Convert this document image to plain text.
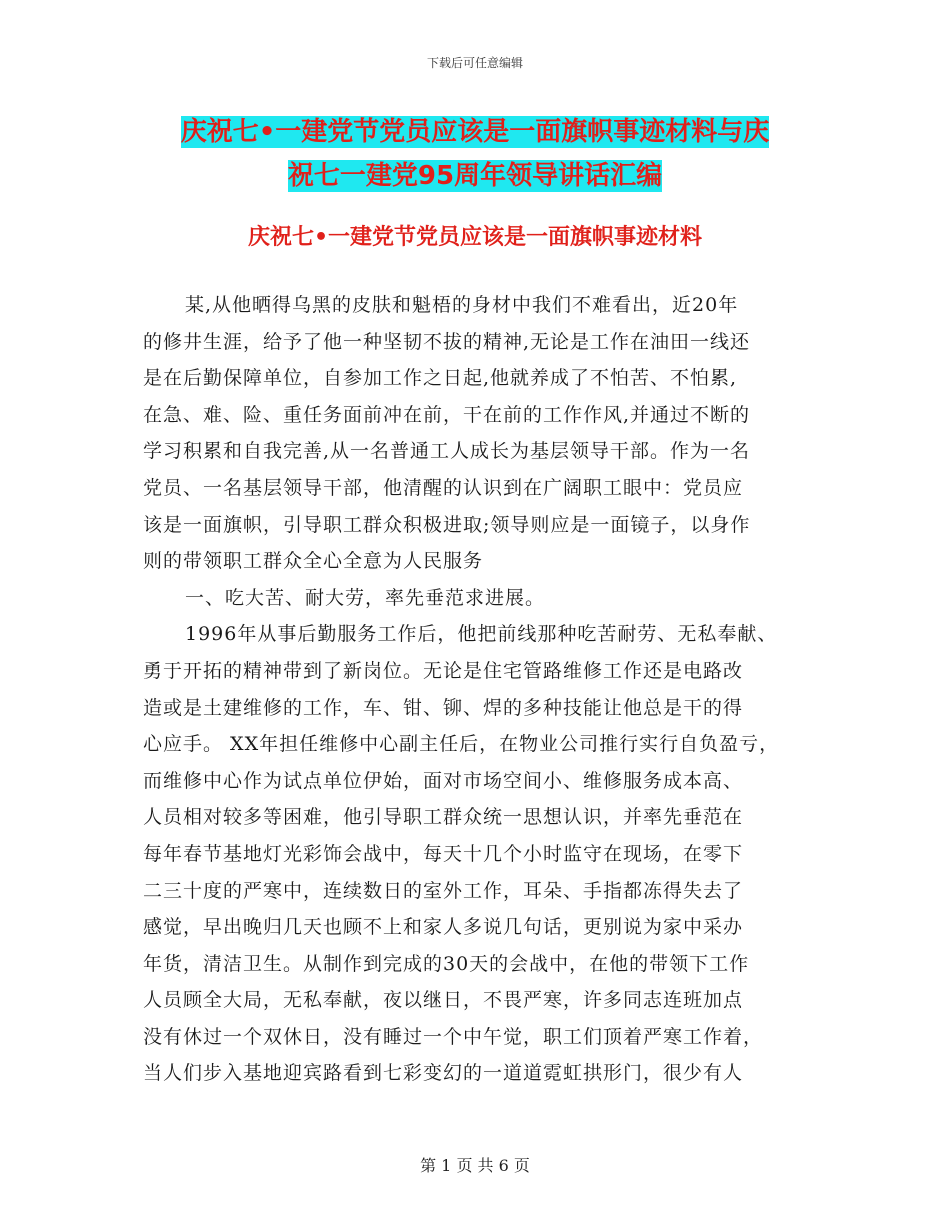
下载后可任意编辑
庆祝七•一建党节党员应该是一面旗帜事迹材料与庆
祝七一建党95周年领导讲话汇编
庆祝七•一建党节党员应该是一面旗帜事迹材料
某,从他晒得乌黑的皮肤和魁梧的身材中我们不难看出，近20年
的修井生涯，给予了他一种坚韧不拔的精神,无论是工作在油田一线还
是在后勤保障单位，自参加工作之日起,他就养成了不怕苦、不怕累,
在急、难、险、重任务面前冲在前，干在前的工作作风,并通过不断的
学习积累和自我完善,从一名普通工人成长为基层领导干部。作为一名
党员、一名基层领导干部，他清醒的认识到在广阔职工眼中：党员应
该是一面旗帜，引导职工群众积极进取;领导则应是一面镜子，以身作
则的带领职工群众全心全意为人民服务
一、吃大苦、耐大劳，率先垂范求进展。
1996年从事后勤服务工作后，他把前线那种吃苦耐劳、无私奉献、
勇于开拓的精神带到了新岗位。无论是住宅管路维修工作还是电路改
造或是土建维修的工作，车、钳、铆、焊的多种技能让他总是干的得
心应手。 XX年担任维修中心副主任后，在物业公司推行实行自负盈亏，
而维修中心作为试点单位伊始，面对市场空间小、维修服务成本高、
人员相对较多等困难，他引导职工群众统一思想认识，并率先垂范在
每年春节基地灯光彩饰会战中，每天十几个小时监守在现场，在零下
二三十度的严寒中，连续数日的室外工作，耳朵、手指都冻得失去了
感觉，早出晚归几天也顾不上和家人多说几句话，更别说为家中采办
年货，清洁卫生。从制作到完成的30天的会战中，在他的带领下工作
人员顾全大局，无私奉献，夜以继日，不畏严寒，许多同志连班加点
没有休过一个双休日，没有睡过一个中午觉，职工们顶着严寒工作着，
当人们步入基地迎宾路看到七彩变幻的一道道霓虹拱形门，很少有人
第 1 页 共 6 页
